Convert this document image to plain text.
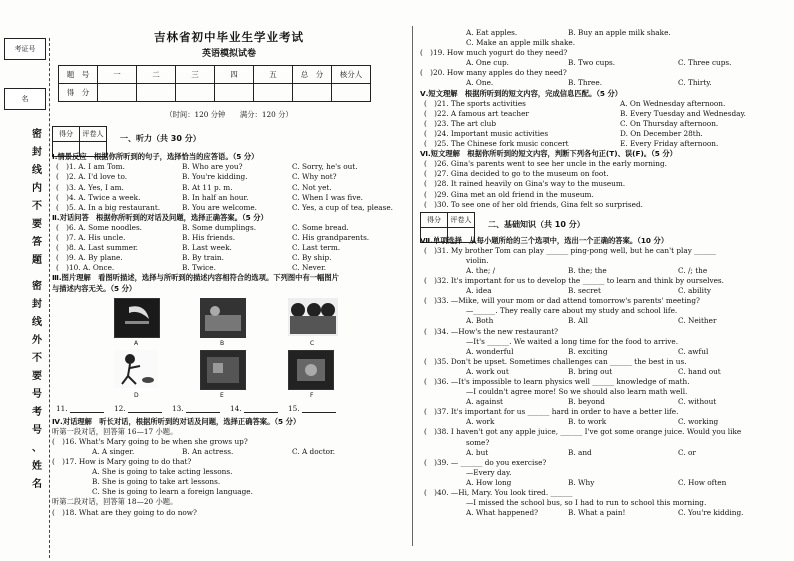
考证号
名
密
封
线
内
不
要
答
题
密
封
线
外
不
要
号
考
号
、
姓
名
吉林省初中毕业生学业考试
英语模拟试卷
题　号	一	二	三	四	五	总　分	核分人
得　分							
（时间：120 分钟　　满分：120 分）
得分	评卷人

一、听力（共 30 分）
Ⅰ.情景反应　根据你所听到的句子，选择恰当的应答语。（5 分）
(　)1. A. I am Tom.	B. Who are you?	C. Sorry, he's out.
(　)2. A. I'd love to.	B. You're kidding.	C. Why not?
(　)3. A. Yes, I am.	B. At 11 p. m.	C. Not yet.
(　)4. A. Twice a week.	B. In half an hour.	C. When I was five.
(　)5. A. In a big restaurant.	B. You are welcome.	C. Yes, a cup of tea, please.
Ⅱ.对话问答　根据你所听到的对话及问题，选择正确答案。（5 分）
(　)6. A. Some noodles.	B. Some dumplings.	C. Some bread.
(　)7. A. His uncle.	B. His friends.	C. His grandparents.
(　)8. A. Last summer.	B. Last week.	C. Last term.
(　)9. A. By plane.	B. By train.	C. By ship.
(　)10. A. Once.	B. Twice.	C. Never.
Ⅲ.图片理解　看图听描述，选择与所听到的描述内容相符合的选项。下列图中有一幅图片
与描述内容无关。（5 分）
A	B	C
D	E	F
11.	12.	13.	14.	15.
Ⅳ.对话理解　听长对话，根据所听到的对话及问题，选择正确答案。（5 分）
听第一段对话，回答第 16—17 小题。
(　)16. What's Mary going to be when she grows up?
A. A singer.	B. An actress.	C. A doctor.
(　)17. How is Mary going to do that?
A. She is going to take acting lessons.
B. She is going to take art lessons.
C. She is going to learn a foreign language.
听第二段对话，回答第 18—20 小题。
(　)18. What are they going to do now?
A. Eat apples.	B. Buy an apple milk shake.
C. Make an apple milk shake.
(　)19. How much yogurt do they need?
A. One cup.	B. Two cups.	C. Three cups.
(　)20. How many apples do they need?
A. One.	B. Three.	C. Thirty.
Ⅴ.短文理解　根据所听到的短文内容，完成信息匹配。（5 分）
(　)21. The sports activities	A. On Wednesday afternoon.
(　)22. A famous art teacher	B. Every Tuesday and Wednesday.
(　)23. The art club	C. On Thursday afternoon.
(　)24. Important music activities	D. On December 28th.
(　)25. The Chinese fork music concert	E. Every Friday afternoon.
Ⅵ.短文理解　根据你所听到的短文内容，判断下列各句正(T)、误(F)。（5 分）
(　)26. Gina's parents went to see her uncle in the early morning.
(　)27. Gina decided to go to the museum on foot.
(　)28. It rained heavily on Gina's way to the museum.
(　)29. Gina met an old friend in the museum.
(　)30. To see one of her old friends, Gina felt so surprised.
得分	评卷人

二、基础知识（共 10 分）
Ⅶ.单项选择　从每小题所给的三个选项中，选出一个正确的答案。（10 分）
(　)31. My brother Tom can play ______ ping-pong well, but he can't play ______
violin.
A. the; /	B. the; the	C. /; the
(　)32. It's important for us to develop the ______ to learn and think by ourselves.
A. idea	B. secret	C. ability
(　)33. —Mike, will your mom or dad attend tomorrow's parents' meeting?
—______. They really care about my study and school life.
A. Both	B. All	C. Neither
(　)34. —How's the new restaurant?
—It's ______. We waited a long time for the food to arrive.
A. wonderful	B. exciting	C. awful
(　)35. Don't be upset. Sometimes challenges can ______ the best in us.
A. work out	B. bring out	C. hand out
(　)36. —It's impossible to learn physics well ______ knowledge of math.
—I couldn't agree more! So we should also learn math well.
A. against	B. beyond	C. without
(　)37. It's important for us ______ hard in order to have a better life.
A. work	B. to work	C. working
(　)38. I haven't got any apple juice, ______ I've got some orange juice. Would you like
some?
A. but	B. and	C. or
(　)39. — ______ do you exercise?
—Every day.
A. How long	B. Why	C. How often
(　)40. —Hi, Mary. You look tired. ______
—I missed the school bus, so I had to run to school this morning.
A. What happened?	B. What a pain!	C. You're kidding.
